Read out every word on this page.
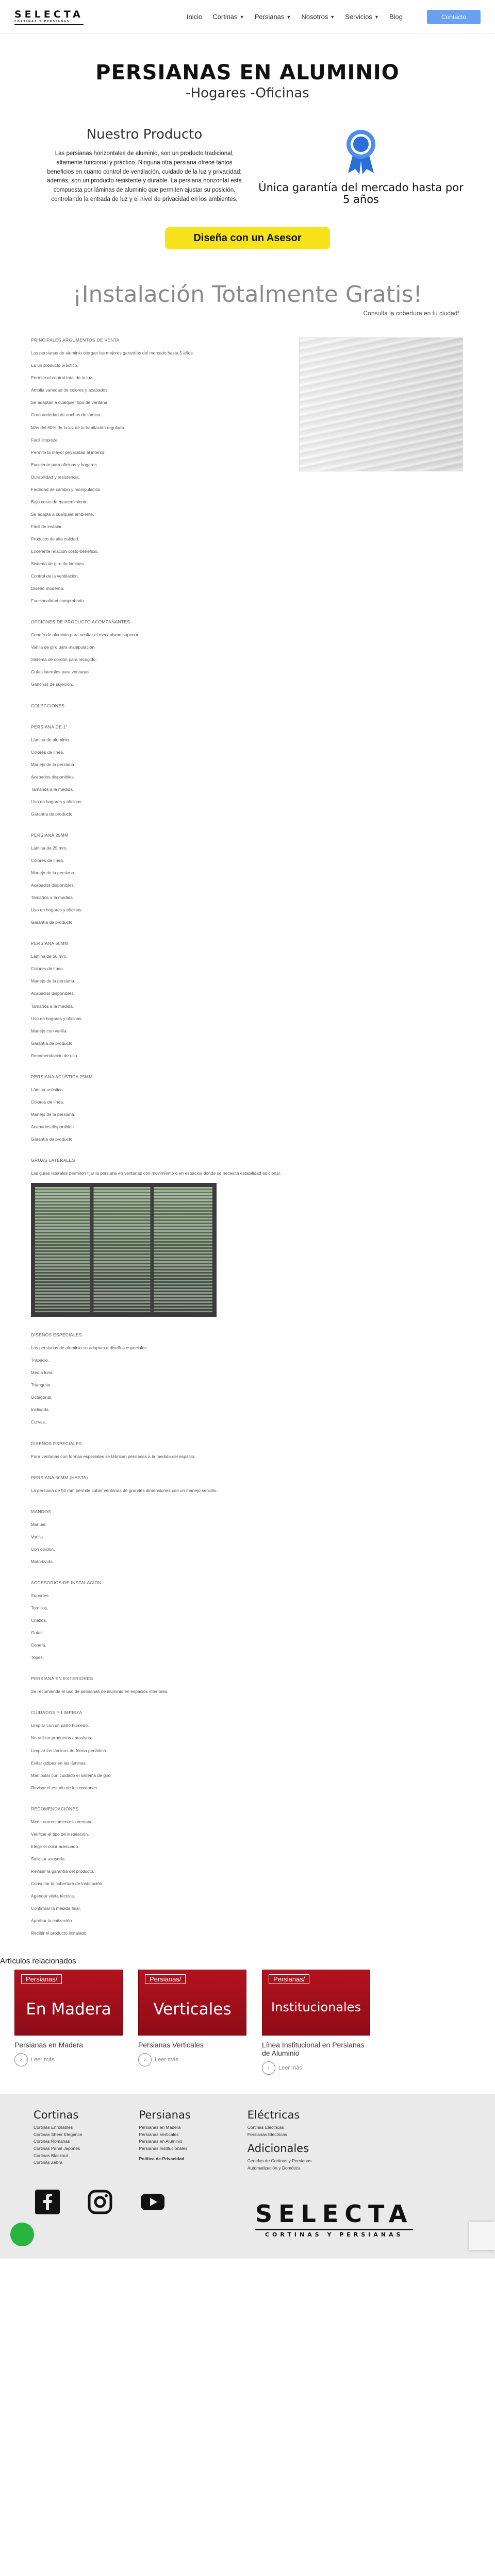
SELECTA
CORTINAS Y PERSIANAS
Inicio Cortinas ▼ Persianas ▼ Nosotros ▼ Servicios ▼ Blog	Contacto
PERSIANAS EN ALUMINIO
-Hogares -Oficinas
Nuestro Producto

Las persianas horizontales de aluminio, son un producto tradicional, altamente funcional y práctico. Ninguna otra persiana ofrece tantos beneficios en cuanto control de ventilación, cuidado de la luz y privacidad; además, son un producto resistente y durable. La persiana horizontal está compuesta por láminas de aluminio que permiten ajustar su posición, controlando la entrada de luz y el nivel de privacidad en los ambientes.

Única garantía del mercado hasta por 5 años
Diseña con un Asesor
¡Instalación Totalmente Gratis!
Consulta la cobertura en tu ciudad*
PRINCIPALES ARGUMENTOS DE VENTA
Las persianas de aluminio otorgan las mejores garantías del mercado hasta 5 años.
Es un producto práctico.
Permite el control total de la luz.
Amplia variedad de colores y acabados.
Se adaptan a cualquier tipo de ventana.
Gran variedad de anchos de lámina.
Más del 60% de la luz de la habitación regulada.
Fácil limpieza.
Permite la mayor privacidad al interior.
Excelente para oficinas y hogares.
Durabilidad y resistencia.
Facilidad de cambio y manipulación.
Bajo costo de mantenimiento.
Se adapta a cualquier ambiente.
Fácil de instalar.
Producto de alta calidad.
Excelente relación costo-beneficio.
Sistema de giro de láminas.
Control de la ventilación.
Diseño moderno.
Funcionalidad comprobada.
OPCIONES DE PRODUCTO ACOMPAÑANTES
Cenefa de aluminio para ocultar el mecanismo superior.
Varilla de giro para manipulación.
Sistema de cordón para recogido.
Guías laterales para ventanas.
Ganchos de sujeción.
COLECCIONES
PERSIANA DE 1"
Lámina de aluminio.
Colores de línea.
Manejo de la persiana.
Acabados disponibles.
Tamaños a la medida.
Uso en hogares y oficinas.
Garantía de producto.
PERSIANA 25MM
Lámina de 25 mm.
Colores de línea.
Manejo de la persiana.
Acabados disponibles.
Tamaños a la medida.
Uso en hogares y oficinas.
Garantía de producto.
PERSIANA 50MM
Lámina de 50 mm.
Colores de línea.
Manejo de la persiana.
Acabados disponibles.
Tamaños a la medida.
Uso en hogares y oficinas.
Manejo con varilla.
Garantía de producto.
Recomendación de uso.
PERSIANA ACÚSTICA 25MM
Lámina acústica.
Colores de línea.
Manejo de la persiana.
Acabados disponibles.
Garantía de producto.
GRUAS LATERALES
Las guías laterales permiten fijar la persiana en ventanas con movimiento o en espacios donde se necesita estabilidad adicional.
DISEÑOS ESPECIALES
Las persianas de aluminio se adaptan a diseños especiales.
Trapecio.
Media luna.
Triangular.
Octagonal.
Inclinada.
Curvas.
DISEÑOS ESPECIALES
Para ventanas con formas especiales se fabrican persianas a la medida del espacio.
PERSIANA 50MM (HASTA)
La persiana de 50 mm permite cubrir ventanas de grandes dimensiones con un manejo sencillo.
MANDOS
Manual.
Varilla.
Con cordón.
Motorizada.
ACCESORIOS DE INSTALACIÓN
Soportes.
Tornillos.
Chazos.
Guías.
Cenefa.
Topes.
PERSIANA EN EXTERIORES
Se recomienda el uso de persianas de aluminio en espacios interiores.
CUIDADOS Y LIMPIEZA
Limpiar con un paño húmedo.
No utilizar productos abrasivos.
Limpiar las láminas de forma periódica.
Evitar golpes en las láminas.
Manipular con cuidado el sistema de giro.
Revisar el estado de los cordones.
RECOMENDACIONES
Medir correctamente la ventana.
Verificar el tipo de instalación.
Elegir el color adecuado.
Solicitar asesoría.
Revisar la garantía del producto.
Consultar la cobertura de instalación.
Agendar visita técnica.
Confirmar la medida final.
Aprobar la cotización.
Recibir el producto instalado.
Artículos relacionados
Persianas/
En Madera
Persianas en Madera
› Leer más
Persianas/
Verticales
Persianas Verticales
› Leer más
Persianas/
Institucionales
Línea Institucional en Persianas de Aluminio
› Leer más
Cortinas
Cortinas Enrollables
Cortinas Sheer Elegance
Cortinas Romanas
Cortinas Panel Japonés
Cortinas Blackout
Cortinas Zebra
Persianas
Persianas en Madera
Persianas Verticales
Persianas en Aluminio
Persianas Institucionales
Política de Privacidad
Eléctricas
Cortinas Eléctricas
Persianas Eléctricas
Adicionales
Cenefas de Cortinas y Persianas
Automatización y Domótica
SELECTA
CORTINAS Y PERSIANAS
